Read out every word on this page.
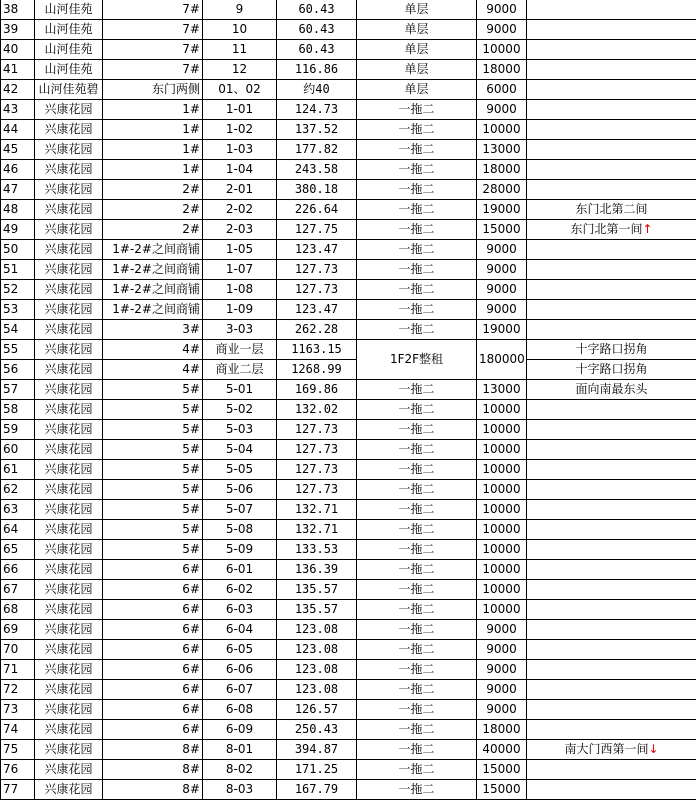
38	山河佳苑	7#	9	60.43	单层	9000	
39	山河佳苑	7#	10	60.43	单层	9000	
40	山河佳苑	7#	11	60.43	单层	10000	
41	山河佳苑	7#	12	116.86	单层	18000	
42	山河佳苑碧	东门两侧	01、02	约40	单层	6000	
43	兴康花园	1#	1-01	124.73	一拖二	9000	
44	兴康花园	1#	1-02	137.52	一拖二	10000	
45	兴康花园	1#	1-03	177.82	一拖二	13000	
46	兴康花园	1#	1-04	243.58	一拖二	18000	
47	兴康花园	2#	2-01	380.18	一拖二	28000	
48	兴康花园	2#	2-02	226.64	一拖二	19000	东门北第二间
49	兴康花园	2#	2-03	127.75	一拖二	15000	东门北第一间↑
50	兴康花园	1#-2#之间商铺	1-05	123.47	一拖二	9000	
51	兴康花园	1#-2#之间商铺	1-07	127.73	一拖二	9000	
52	兴康花园	1#-2#之间商铺	1-08	127.73	一拖二	9000	
53	兴康花园	1#-2#之间商铺	1-09	123.47	一拖二	9000	
54	兴康花园	3#	3-03	262.28	一拖二	19000	
55	兴康花园	4#	商业一层	1163.15	1F2F整租	180000	十字路口拐角
56	兴康花园	4#	商业二层	1268.99			十字路口拐角
57	兴康花园	5#	5-01	169.86	一拖二	13000	面向南最东头
58	兴康花园	5#	5-02	132.02	一拖二	10000	
59	兴康花园	5#	5-03	127.73	一拖二	10000	
60	兴康花园	5#	5-04	127.73	一拖二	10000	
61	兴康花园	5#	5-05	127.73	一拖二	10000	
62	兴康花园	5#	5-06	127.73	一拖二	10000	
63	兴康花园	5#	5-07	132.71	一拖二	10000	
64	兴康花园	5#	5-08	132.71	一拖二	10000	
65	兴康花园	5#	5-09	133.53	一拖二	10000	
66	兴康花园	6#	6-01	136.39	一拖二	10000	
67	兴康花园	6#	6-02	135.57	一拖二	10000	
68	兴康花园	6#	6-03	135.57	一拖二	10000	
69	兴康花园	6#	6-04	123.08	一拖二	9000	
70	兴康花园	6#	6-05	123.08	一拖二	9000	
71	兴康花园	6#	6-06	123.08	一拖二	9000	
72	兴康花园	6#	6-07	123.08	一拖二	9000	
73	兴康花园	6#	6-08	126.57	一拖二	9000	
74	兴康花园	6#	6-09	250.43	一拖二	18000	
75	兴康花园	8#	8-01	394.87	一拖二	40000	南大门西第一间↓
76	兴康花园	8#	8-02	171.25	一拖二	15000	
77	兴康花园	8#	8-03	167.79	一拖二	15000	
